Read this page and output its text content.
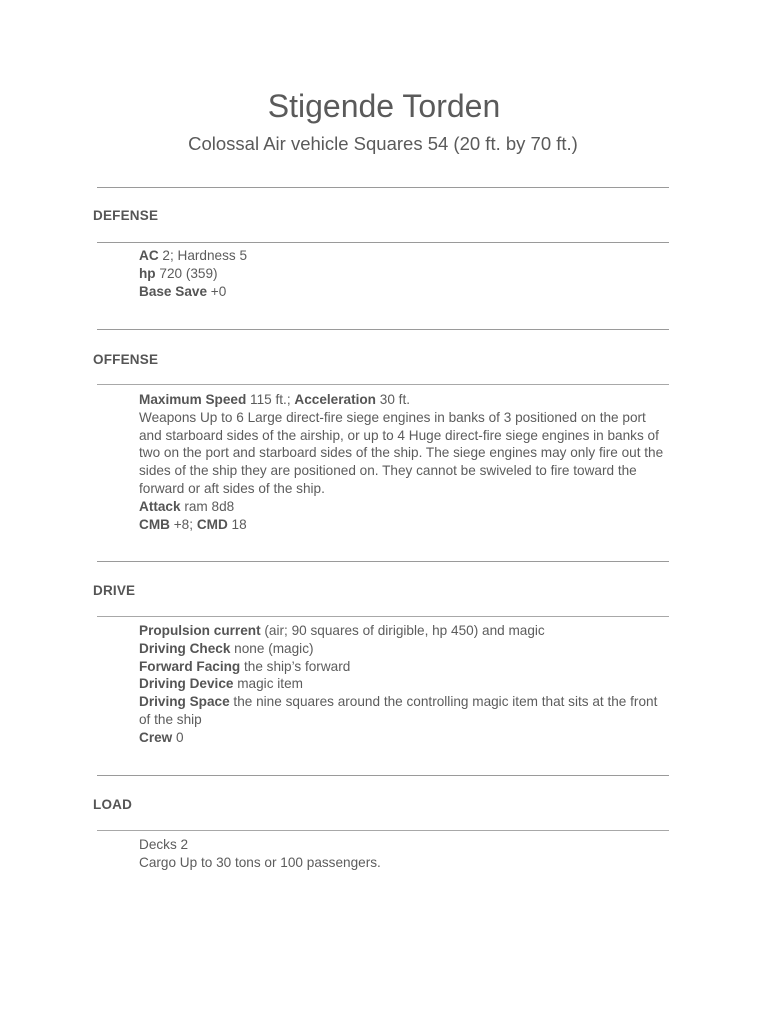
Stigende Torden
Colossal Air vehicle Squares 54 (20 ft. by 70 ft.)
DEFENSE
AC 2; Hardness 5
hp 720 (359)
Base Save +0
OFFENSE
Maximum Speed 115 ft.; Acceleration 30 ft.
Weapons Up to 6 Large direct-fire siege engines in banks of 3 positioned on the port and starboard sides of the airship, or up to 4 Huge direct-fire siege engines in banks of two on the port and starboard sides of the ship. The siege engines may only fire out the sides of the ship they are positioned on. They cannot be swiveled to fire toward the forward or aft sides of the ship.
Attack ram 8d8
CMB +8; CMD 18
DRIVE
Propulsion current (air; 90 squares of dirigible, hp 450) and magic
Driving Check none (magic)
Forward Facing the ship’s forward
Driving Device magic item
Driving Space the nine squares around the controlling magic item that sits at the front of the ship
Crew 0
LOAD
Decks 2
Cargo Up to 30 tons or 100 passengers.
